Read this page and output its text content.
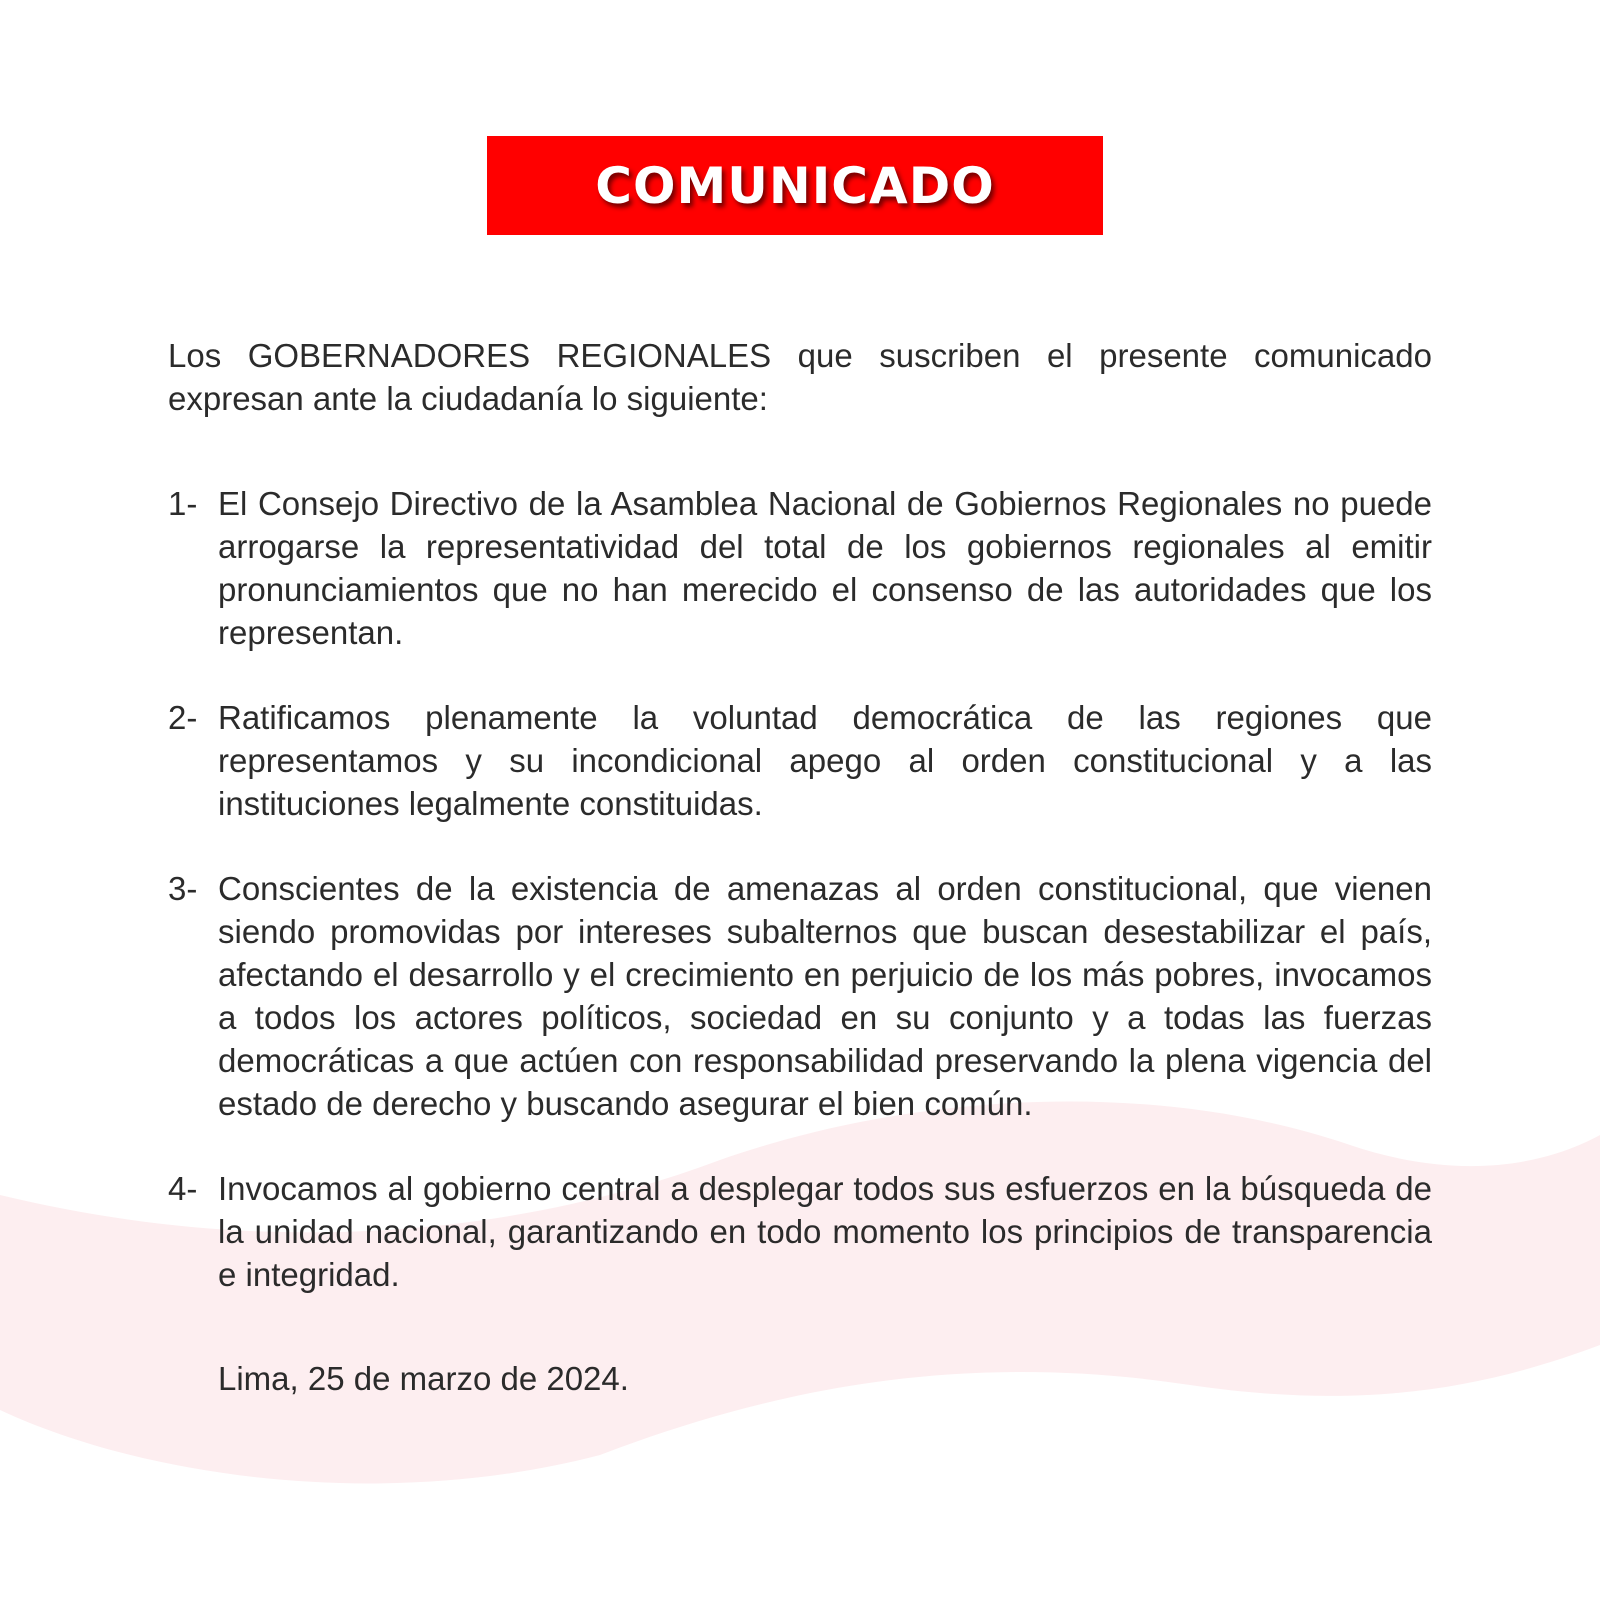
COMUNICADO

Los GOBERNADORES REGIONALES que suscriben el presente comunicado expresan ante la ciudadanía lo siguiente:

1- El Consejo Directivo de la Asamblea Nacional de Gobiernos Regionales no puede arrogarse la representatividad del total de los gobiernos regionales al emitir pronunciamientos que no han merecido el consenso de las autoridades que los representan.
2- Ratificamos plenamente la voluntad democrática de las regiones que representamos y su incondicional apego al orden constitucional y a las instituciones legalmente constituidas.
3- Conscientes de la existencia de amenazas al orden constitucional, que vienen siendo promovidas por intereses subalternos que buscan desestabilizar el país, afectando el desarrollo y el crecimiento en perjuicio de los más pobres, invocamos a todos los actores políticos, sociedad en su conjunto y a todas las fuerzas democráticas a que actúen con responsabilidad preservando la plena vigencia del estado de derecho y buscando asegurar el bien común.
4- Invocamos al gobierno central a desplegar todos sus esfuerzos en la búsqueda de la unidad nacional, garantizando en todo momento los principios de transparencia e integridad.

Lima, 25 de marzo de 2024.
